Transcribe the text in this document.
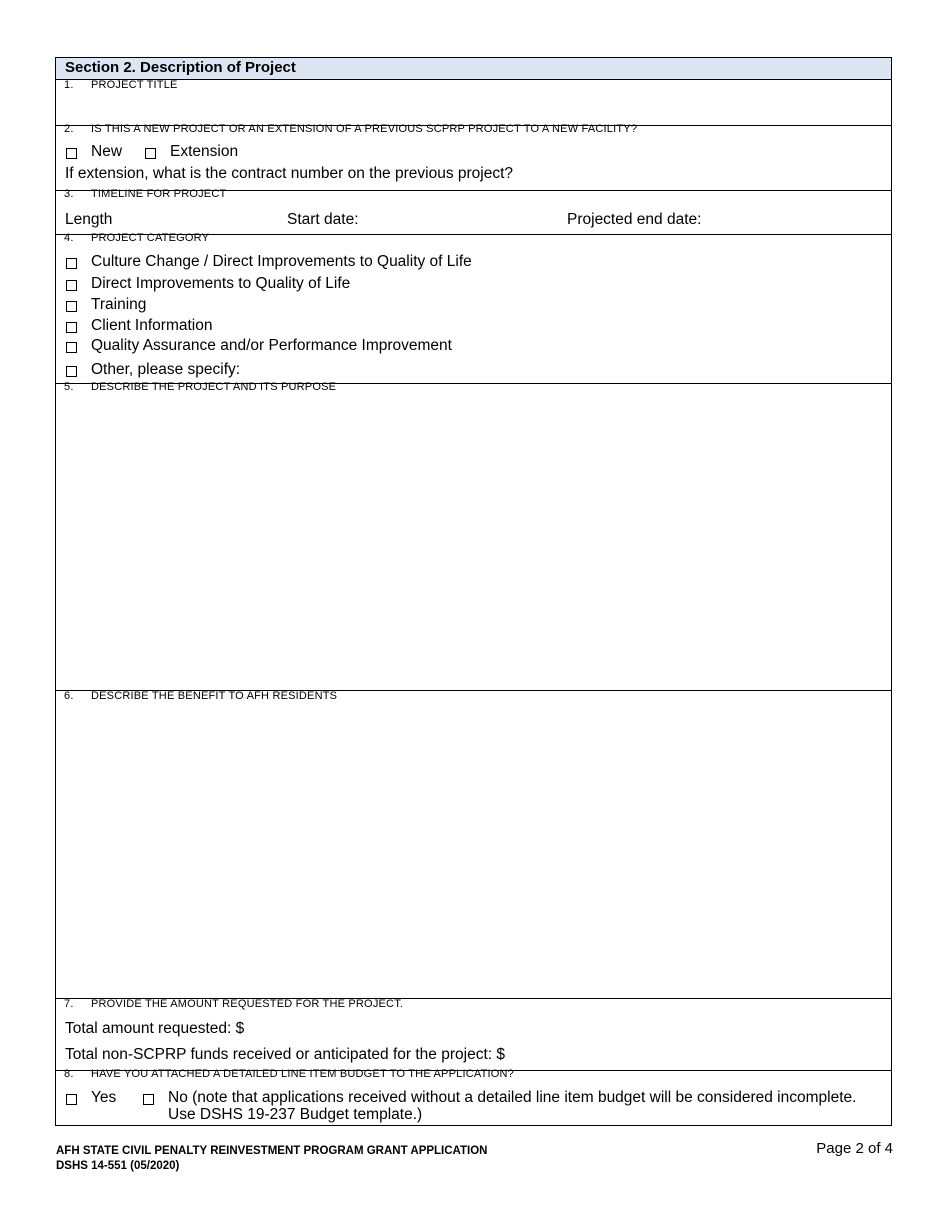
Section 2. Description of Project
1. PROJECT TITLE
2. IS THIS A NEW PROJECT OR AN EXTENSION OF A PREVIOUS SCPRP PROJECT TO A NEW FACILITY?
New	Extension
If extension, what is the contract number on the previous project?
3. TIMELINE FOR PROJECT
Length	Start date:	Projected end date:
4. PROJECT CATEGORY
Culture Change / Direct Improvements to Quality of Life
Direct Improvements to Quality of Life
Training
Client Information
Quality Assurance and/or Performance Improvement
Other, please specify:
5. DESCRIBE THE PROJECT AND ITS PURPOSE
6. DESCRIBE THE BENEFIT TO AFH RESIDENTS
7. PROVIDE THE AMOUNT REQUESTED FOR THE PROJECT.
Total amount requested: $
Total non-SCPRP funds received or anticipated for the project: $
8. HAVE YOU ATTACHED A DETAILED LINE ITEM BUDGET TO THE APPLICATION?
Yes	No (note that applications received without a detailed line item budget will be considered incomplete.
Use DSHS 19-237 Budget template.)
AFH STATE CIVIL PENALTY REINVESTMENT PROGRAM GRANT APPLICATION
DSHS 14-551 (05/2020)
Page 2 of 4
